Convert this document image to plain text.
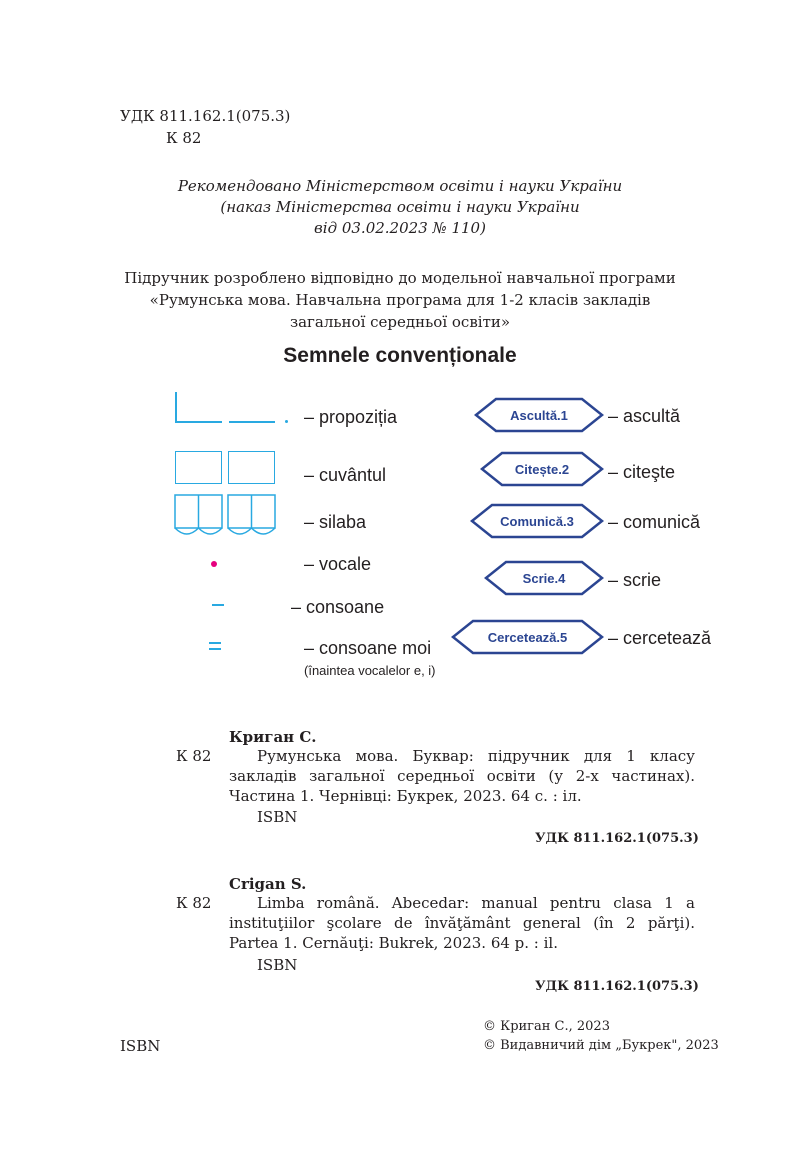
УДК 811.162.1(075.3)
К 82
Рекомендовано Міністерством освіти і науки України
(наказ Міністерства освіти і науки України
від 03.02.2023 № 110)
Підручник розроблено відповідно до модельної навчальної програми
«Румунська мова. Навчальна програма для 1-2 класів закладів
загальної середньої освіти»
Semnele convenționale
– propoziția
– cuvântul
– silaba
– vocale
– consoane
– consoane moi
(înaintea vocalelor e, i)
Ascultă.1	– ascultă
Citește.2	– citeşte
Comunică.3	– comunică
Scrie.4	– scrie
Cercetează.5	– cercetează
Криган С.
К 82	Румунська мова. Буквар: підручник для 1 класу закладів загальної середньої освіти (у 2-х частинах). Частина 1. Чернівці: Букрек, 2023. 64 с. : іл.
ISBN
УДК 811.162.1(075.3)
Crigan S.
К 82	Limba română. Abecedar: manual pentru clasa 1 a instituţiilor şcolare de învăţământ general (în 2 părţi). Partea 1. Cernăuţi: Bukrek, 2023. 64 p. : il.
ISBN
УДК 811.162.1(075.3)
ISBN
© Криган С., 2023
© Видавничий дім „Букрек", 2023
